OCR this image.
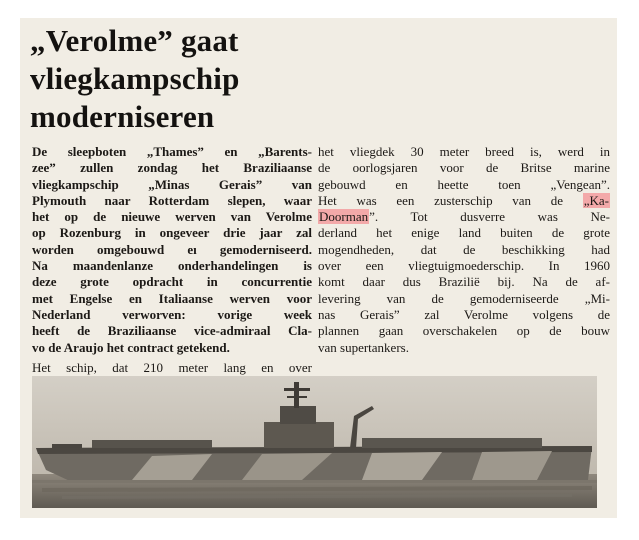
„Verolme” gaat
vliegkampschip
moderniseren
De sleepboten „Thames” en „Barents-
zee” zullen zondag het Braziliaanse
vliegkampschip „Minas Gerais” van
Plymouth naar Rotterdam slepen, waar
het op de nieuwe werven van Verolme
op Rozenburg in ongeveer drie jaar zal
worden omgebouwd eı gemoderniseerd.
Na maandenlanze onderhandelingen is
deze grote opdracht in concurrentie
met Engelse en Italiaanse werven voor
Nederland verworven: vorige week
heeft de Braziliaanse vice-admiraal Cla-
vo de Araujo het contract getekend.
Het schip, dat 210 meter lang en over
het vliegdek 30 meter breed is, werd in
de oorlogsjaren voor de Britse marine
gebouwd en heette toen „Vengean”.
Het was een zusterschip van de „Ka-
Doorman”. Tot dusverre was Ne-
derland het enige land buiten de grote
mogendheden, dat de beschikking had
over een vliegtuigmoederschip. In 1960
komt daar dus Brazilië bij. Na de af-
levering van de gemoderniseerde „Mi-
nas Gerais” zal Verolme volgens de
plannen gaan overschakelen op de bouw
van supertankers.
